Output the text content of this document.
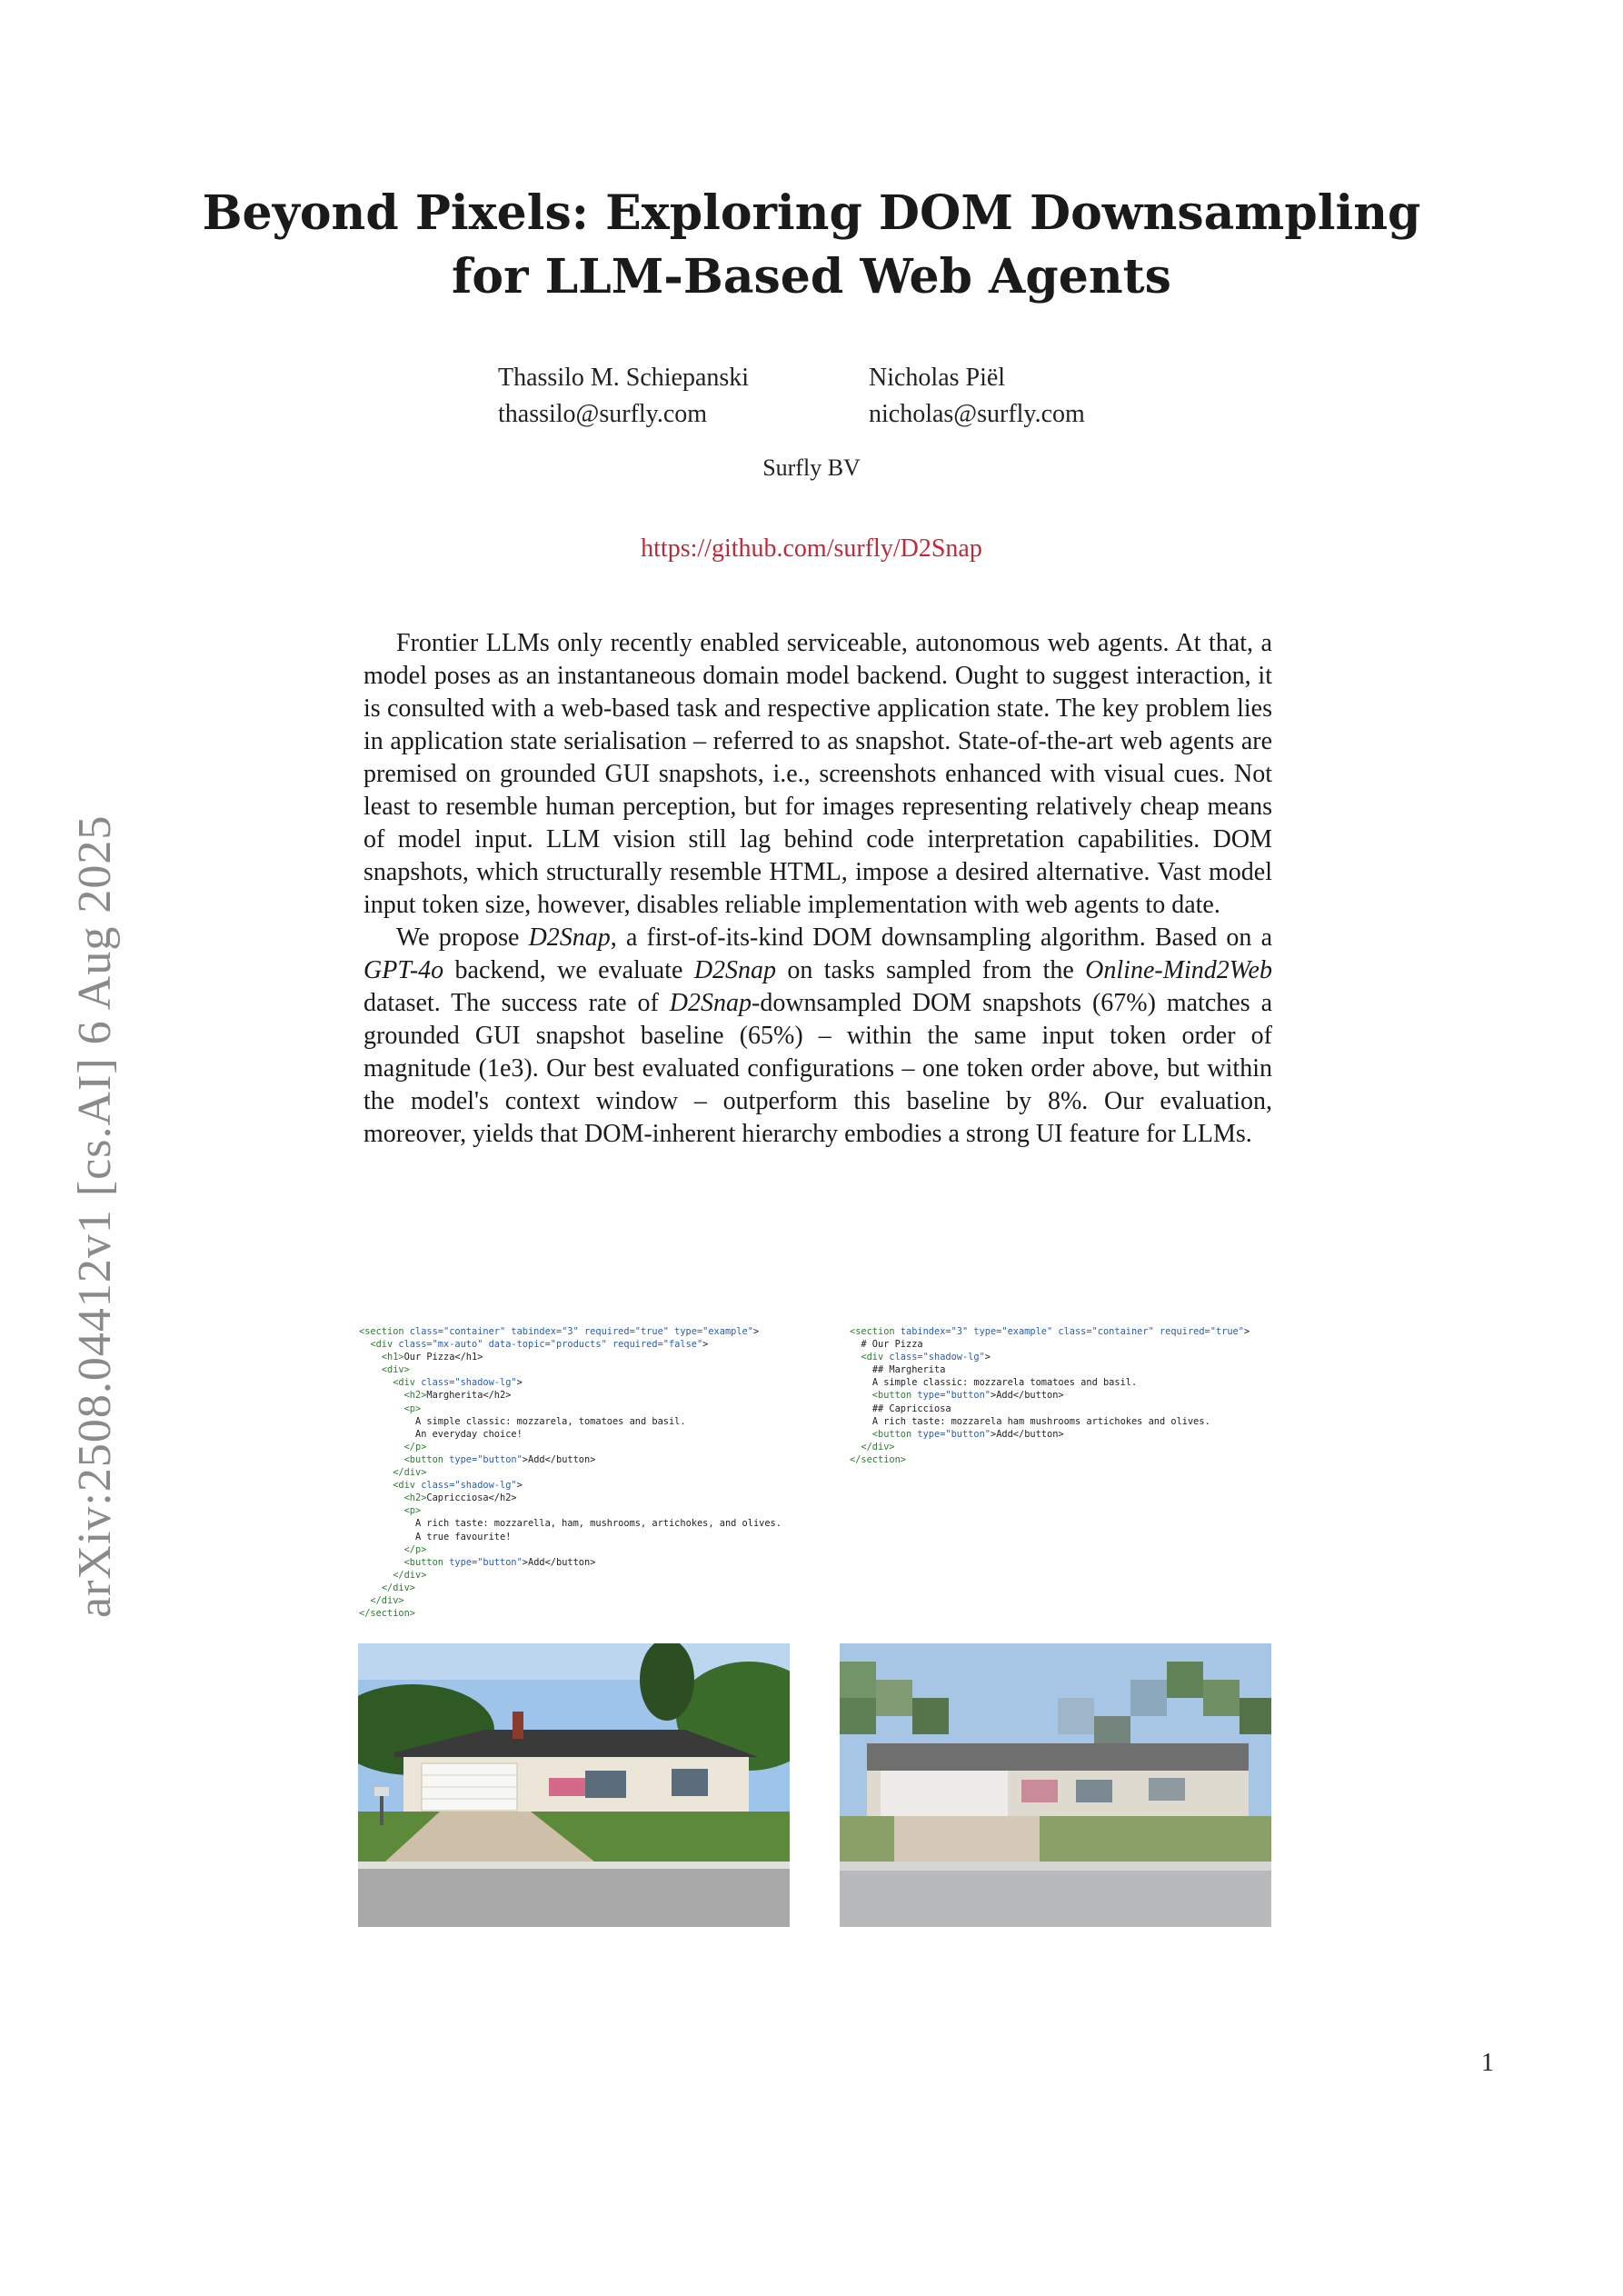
arXiv:2508.04412v1 [cs.AI] 6 Aug 2025
Beyond Pixels: Exploring DOM Downsampling
for LLM-Based Web Agents
Thassilo M. Schiepanski
thassilo@surfly.com
Nicholas Piël
nicholas@surfly.com
Surfly BV
https://github.com/surfly/D2Snap

Frontier LLMs only recently enabled serviceable, autonomous web agents. At that, a model poses as an instantaneous domain model backend. Ought to suggest interaction, it is consulted with a web-based task and respective application state. The key problem lies in application state serialisation – referred to as snapshot. State-of-the-art web agents are premised on grounded GUI snapshots, i.e., screenshots enhanced with visual cues. Not least to resemble human perception, but for images representing relatively cheap means of model input. LLM vision still lag behind code interpretation capabilities. DOM snapshots, which structurally resemble HTML, impose a desired alternative. Vast model input token size, however, disables reliable implementation with web agents to date.

We propose D2Snap, a first-of-its-kind DOM downsampling algorithm. Based on a GPT-4o backend, we evaluate D2Snap on tasks sampled from the Online-Mind2Web dataset. The success rate of D2Snap-downsampled DOM snapshots (67%) matches a grounded GUI snapshot baseline (65%) – within the same input token order of magnitude (1e3). Our best evaluated configurations – one token order above, but within the model's context window – outperform this baseline by 8%. Our evaluation, moreover, yields that DOM-inherent hierarchy embodies a strong UI feature for LLMs.

<section class="container" tabindex="3" required="true" type="example">
<div class="mx-auto" data-topic="products" required="false">
<h1>Our Pizza</h1>
<div>
<div class="shadow-lg">
<h2>Margherita</h2>
<p>
A simple classic: mozzarela, tomatoes and basil.
An everyday choice!
</p>
<button type="button">Add</button>
</div>
<div class="shadow-lg">
<h2>Capricciosa</h2>
<p>
A rich taste: mozzarella, ham, mushrooms, artichokes, and olives.
A true favourite!
</p>
<button type="button">Add</button>
</div>
</div>
</div>
</section>
<section tabindex="3" type="example" class="container" required="true">
# Our Pizza
<div class="shadow-lg">
## Margherita
A simple classic: mozzarela tomatoes and basil.
<button type="button">Add</button>
## Capricciosa
A rich taste: mozzarela ham mushrooms artichokes and olives.
<button type="button">Add</button>
</div>
</section>
1
